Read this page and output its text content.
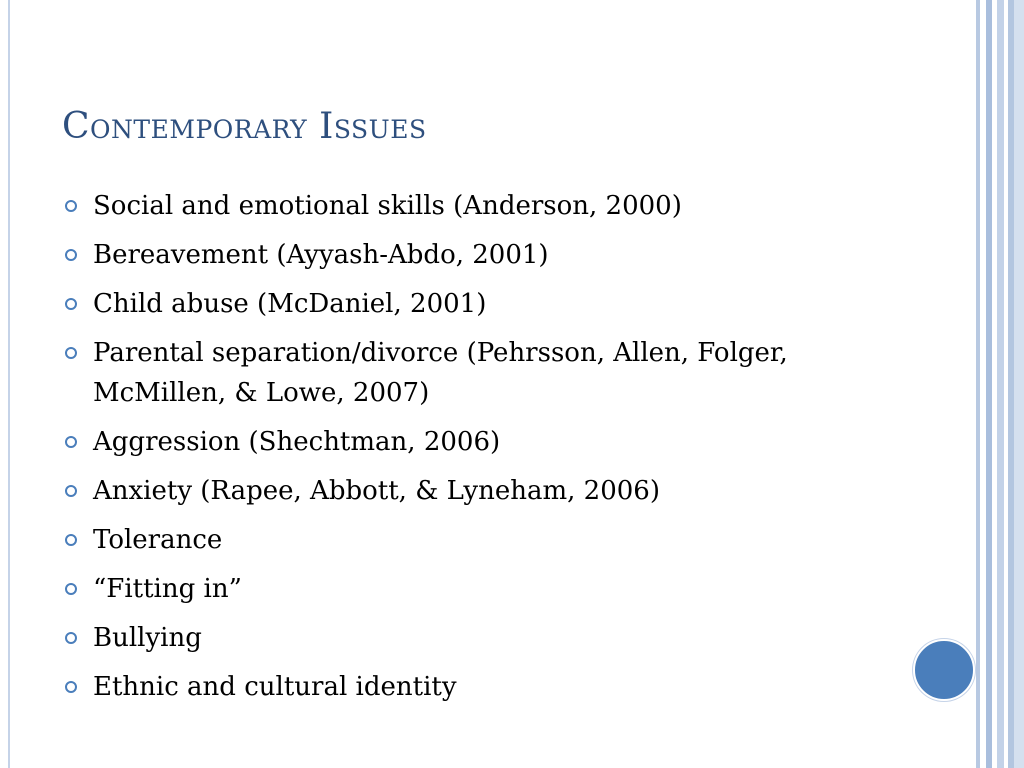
Contemporary Issues
Social and emotional skills (Anderson, 2000)
Bereavement (Ayyash-Abdo, 2001)
Child abuse (McDaniel, 2001)
Parental separation/divorce (Pehrsson, Allen, Folger, McMillen, & Lowe, 2007)
Aggression (Shechtman, 2006)
Anxiety (Rapee, Abbott, & Lyneham, 2006)
Tolerance
“Fitting in”
Bullying
Ethnic and cultural identity
